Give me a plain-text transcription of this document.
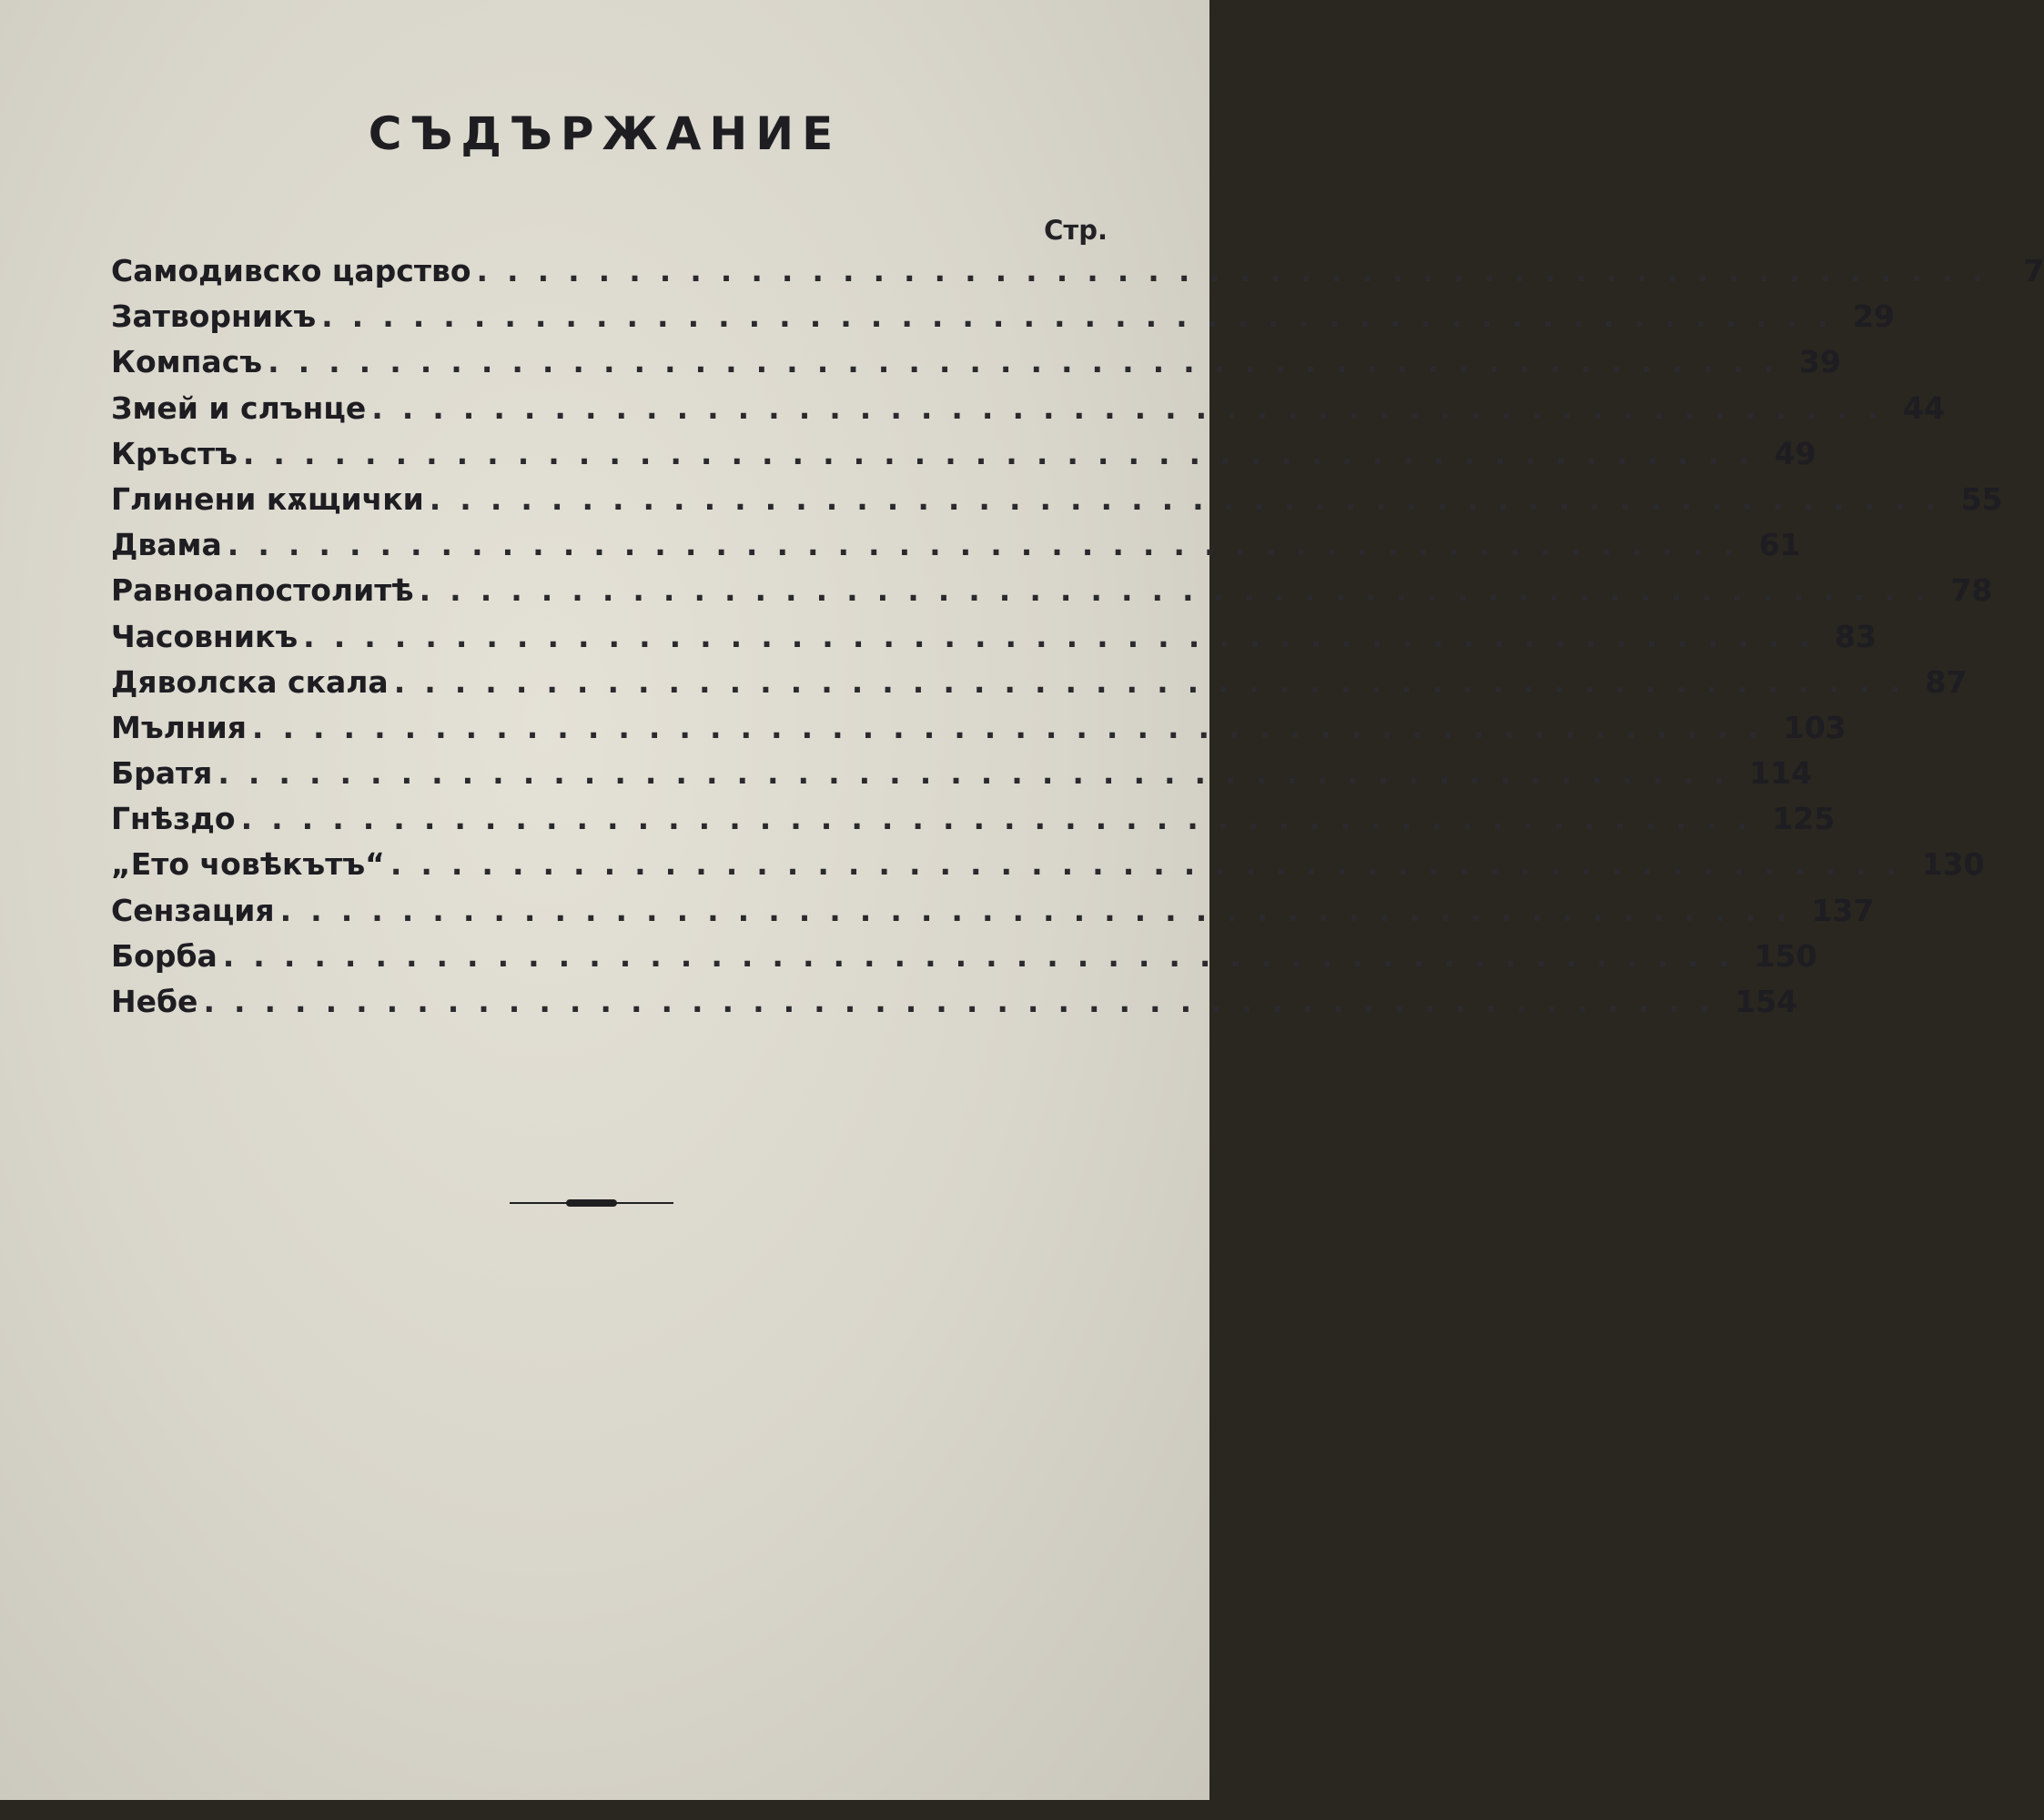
СЪДЪРЖАНИЕ
Стр.
Самодивско царство .................................................. 7
Затворникъ .................................................. 29
Компасъ .................................................. 39
Змей и слънце .................................................. 44
Кръстъ .................................................. 49
Глинени кѫщички .................................................. 55
Двама .................................................. 61
Равноапостолитѣ .................................................. 78
Часовникъ .................................................. 83
Дяволска скала .................................................. 87
Мълния .................................................. 103
Братя .................................................. 114
Гнѣздо .................................................. 125
„Ето човѣкътъ“ .................................................. 130
Сензация .................................................. 137
Борба .................................................. 150
Небе .................................................. 154
